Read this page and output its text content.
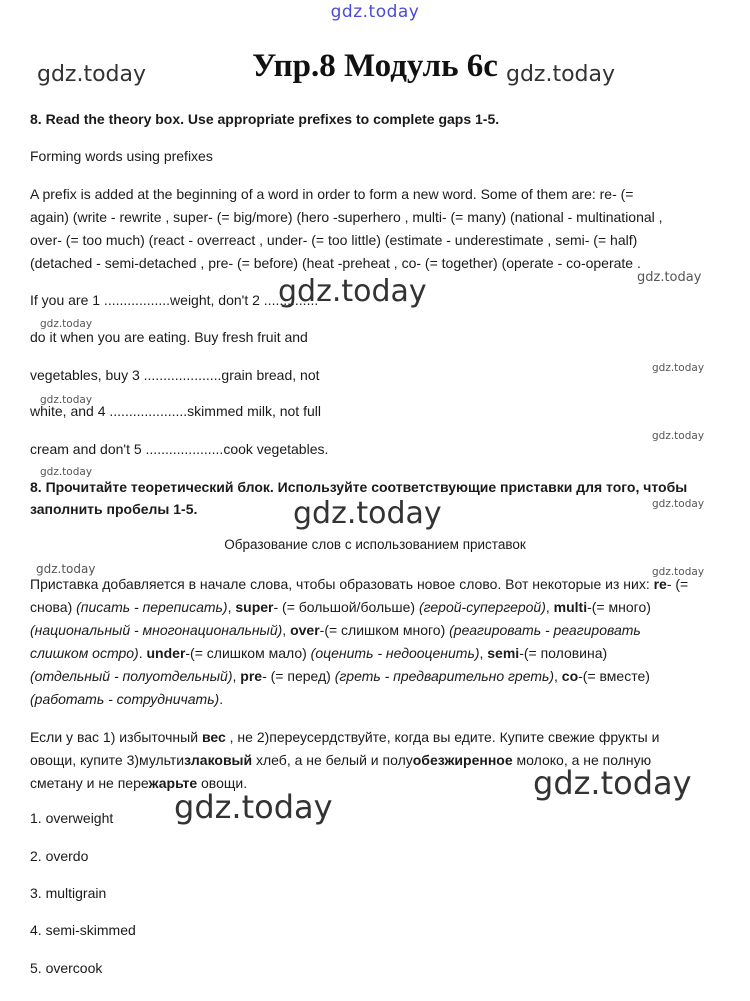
gdz.today
Упр.8 Модуль 6c
gdz.today	gdz.today
8. Read the theory box. Use appropriate prefixes to complete gaps 1-5.
Forming words using prefixes
A prefix is added at the beginning of a word in order to form a new word. Some of them are: re- (=
again) (write - rewrite , super- (= big/more) (hero -superhero , multi- (= many) (national - multinational ,
over- (= too much) (react - overreact , under- (= too little) (estimate - underestimate , semi- (= half)
(detached - semi-detached , pre- (= before) (heat -preheat , co- (= together) (operate - co-operate .
gdz.today
If you are 1 .................weight, don't 2 ..............
gdz.today
gdz.today
do it when you are eating. Buy fresh fruit and
vegetables, buy 3 ....................grain bread, not	gdz.today
gdz.today
white, and 4 ....................skimmed milk, not full
gdz.today
cream and don't 5 ....................cook vegetables.
gdz.today
8. Прочитайте теоретический блок. Используйте соответствующие приставки для того, чтобы
заполнить пробелы 1-5.	gdz.today
gdz.today
Образование слов с использованием приставок
gdz.today	gdz.today
Приставка добавляется в начале слова, чтобы образовать новое слово. Вот некоторые из них: re- (=
снова) (писать - переписать), super- (= большой/больше) (герой-супергерой), multi-(= много)
(национальный - многонациональный), over-(= слишком много) (реагировать - реагировать
слишком остро). under-(= слишком мало) (оценить - недооценить), semi-(= половина)
(отдельный - полуотдельный), pre- (= перед) (греть - предварительно греть), co-(= вместе)
(работать - сотрудничать).
Если у вас 1) избыточный вес , не 2)переусердствуйте, когда вы едите. Купите свежие фрукты и
овощи, купите 3)мультизлаковый хлеб, а не белый и полуобезжиренное молоко, а не полную
сметану и не пережарьте овощи.	gdz.today
gdz.today
1. overweight
2. overdo
3. multigrain
4. semi-skimmed
5. overcook
